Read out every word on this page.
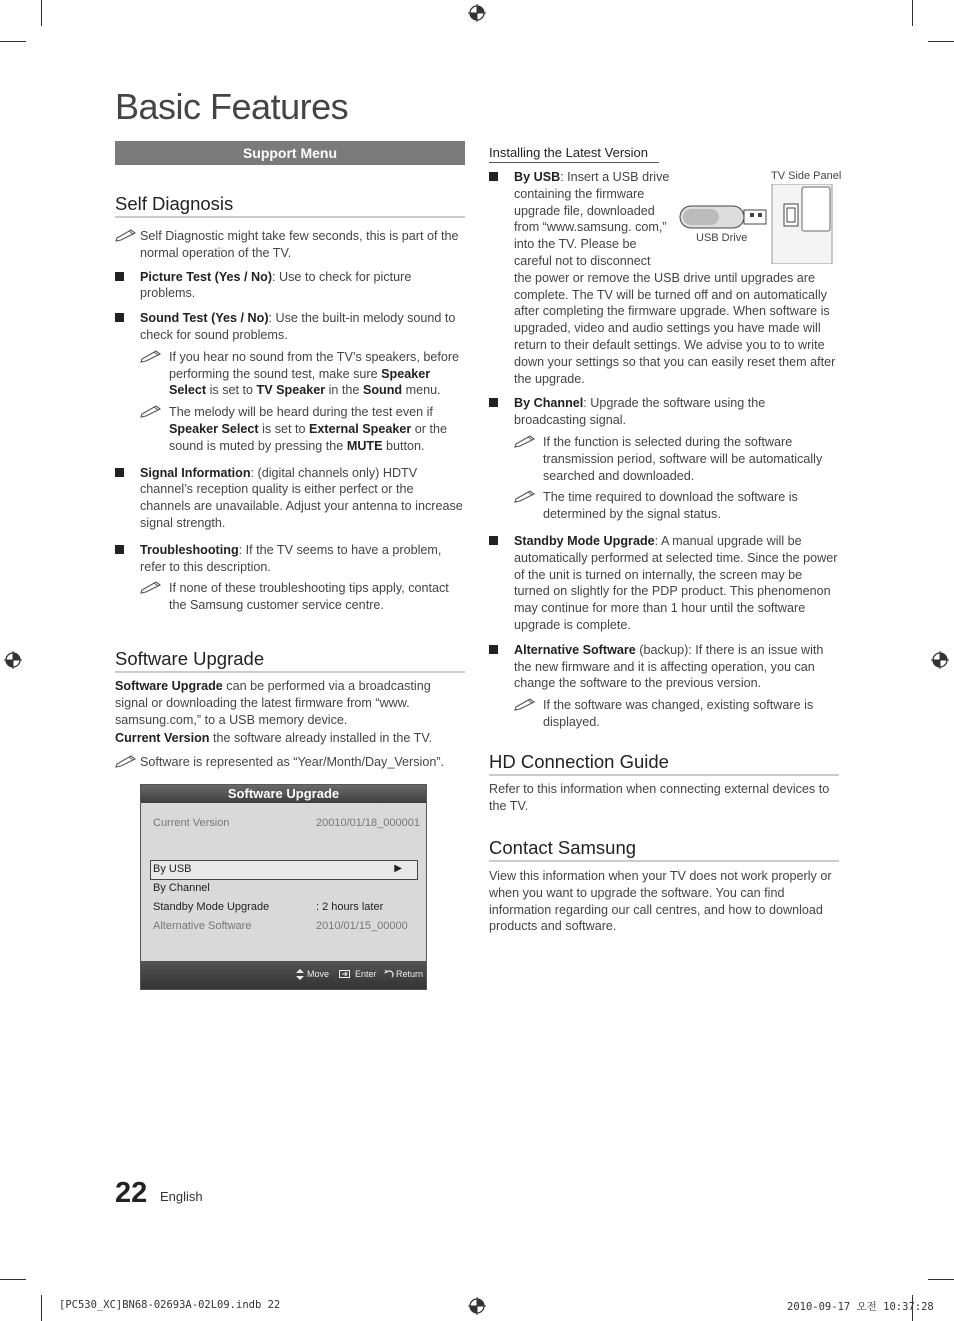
Basic Features
Support Menu
Self Diagnosis
Self Diagnostic might take few seconds, this is part of the normal operation of the TV.
Picture Test (Yes / No): Use to check for picture problems.
Sound Test (Yes / No): Use the built-in melody sound to check for sound problems.
If you hear no sound from the TV’s speakers, before performing the sound test, make sure Speaker Select is set to TV Speaker in the Sound menu.
The melody will be heard during the test even if Speaker Select is set to External Speaker or the sound is muted by pressing the MUTE button.
Signal Information: (digital channels only) HDTV channel’s reception quality is either perfect or the channels are unavailable. Adjust your antenna to increase signal strength.
Troubleshooting: If the TV seems to have a problem, refer to this description.
If none of these troubleshooting tips apply, contact the Samsung customer service centre.
Software Upgrade
Software Upgrade can be performed via a broadcasting signal or downloading the latest firmware from “www. samsung.com,” to a USB memory device.
Current Version the software already installed in the TV.
Software is represented as “Year/Month/Day_Version”.
Software Upgrade
Current Version	20010/01/18_000001
By USB	▶
By Channel
Standby Mode Upgrade	: 2 hours later
Alternative Software	2010/01/15_00000
Move	Enter Return
Installing the Latest Version
TV Side Panel
USB Drive
By USB: Insert a USB drive containing the firmware upgrade file, downloaded from “www.samsung. com,” into the TV. Please be careful not to disconnect
the power or remove the USB drive until upgrades are complete. The TV will be turned off and on automatically after completing the firmware upgrade. When software is upgraded, video and audio settings you have made will return to their default settings. We advise you to to write down your settings so that you can easily reset them after the upgrade.
By Channel: Upgrade the software using the broadcasting signal.
If the function is selected during the software transmission period, software will be automatically searched and downloaded.
The time required to download the software is determined by the signal status.
Standby Mode Upgrade: A manual upgrade will be automatically performed at selected time. Since the power of the unit is turned on internally, the screen may be turned on slightly for the PDP product. This phenomenon may continue for more than 1 hour until the software upgrade is complete.
Alternative Software (backup): If there is an issue with the new firmware and it is affecting operation, you can change the software to the previous version.
If the software was changed, existing software is displayed.
HD Connection Guide
Refer to this information when connecting external devices to the TV.
Contact Samsung
View this information when your TV does not work properly or when you want to upgrade the software. You can find information regarding our call centres, and how to download products and software.
22 English
[PC530_XC]BN68-02693A-02L09.indb 22	2010-09-17 오전 10:37:28
